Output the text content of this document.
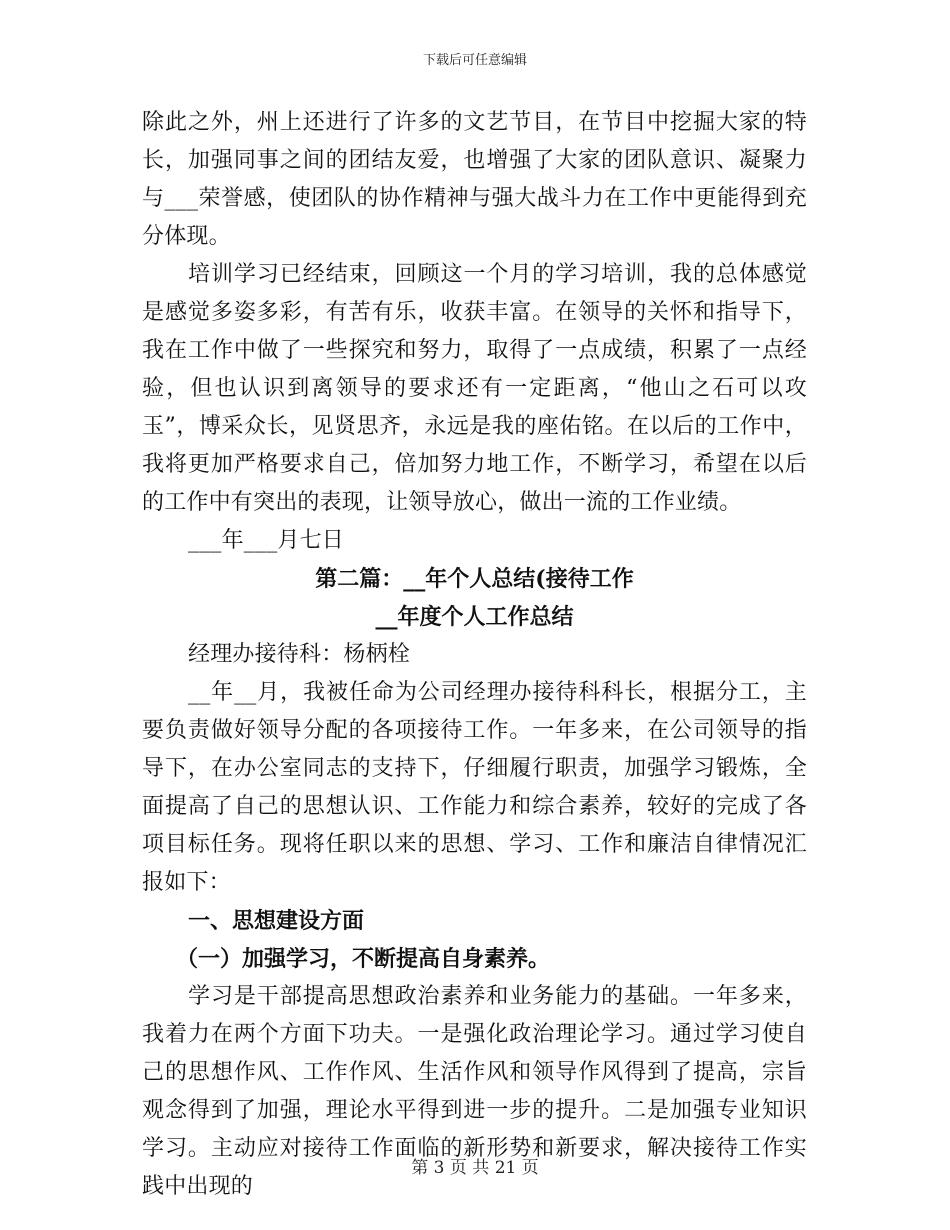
下载后可任意编辑

除此之外，州上还进行了许多的文艺节目，在节目中挖掘大家的特长，加强同事之间的团结友爱，也增强了大家的团队意识、凝聚力与___荣誉感，使团队的协作精神与强大战斗力在工作中更能得到充分体现。

培训学习已经结束，回顾这一个月的学习培训，我的总体感觉是感觉多姿多彩，有苦有乐，收获丰富。在领导的关怀和指导下，我在工作中做了一些探究和努力，取得了一点成绩，积累了一点经验，但也认识到离领导的要求还有一定距离，“他山之石可以攻玉”，博采众长，见贤思齐，永远是我的座佑铭。在以后的工作中，我将更加严格要求自己，倍加努力地工作，不断学习，希望在以后的工作中有突出的表现，让领导放心，做出一流的工作业绩。

___年___月七日

第二篇：__年个人总结(接待工作

__年度个人工作总结

经理办接待科：杨柄栓

__年__月，我被任命为公司经理办接待科科长，根据分工，主要负责做好领导分配的各项接待工作。一年多来，在公司领导的指导下，在办公室同志的支持下，仔细履行职责，加强学习锻炼，全面提高了自己的思想认识、工作能力和综合素养，较好的完成了各项目标任务。现将任职以来的思想、学习、工作和廉洁自律情况汇报如下：

一、思想建设方面

（一）加强学习，不断提高自身素养。

学习是干部提高思想政治素养和业务能力的基础。一年多来，我着力在两个方面下功夫。一是强化政治理论学习。通过学习使自己的思想作风、工作作风、生活作风和领导作风得到了提高，宗旨观念得到了加强，理论水平得到进一步的提升。二是加强专业知识学习。主动应对接待工作面临的新形势和新要求，解决接待工作实践中出现的

第 3 页 共 21 页
